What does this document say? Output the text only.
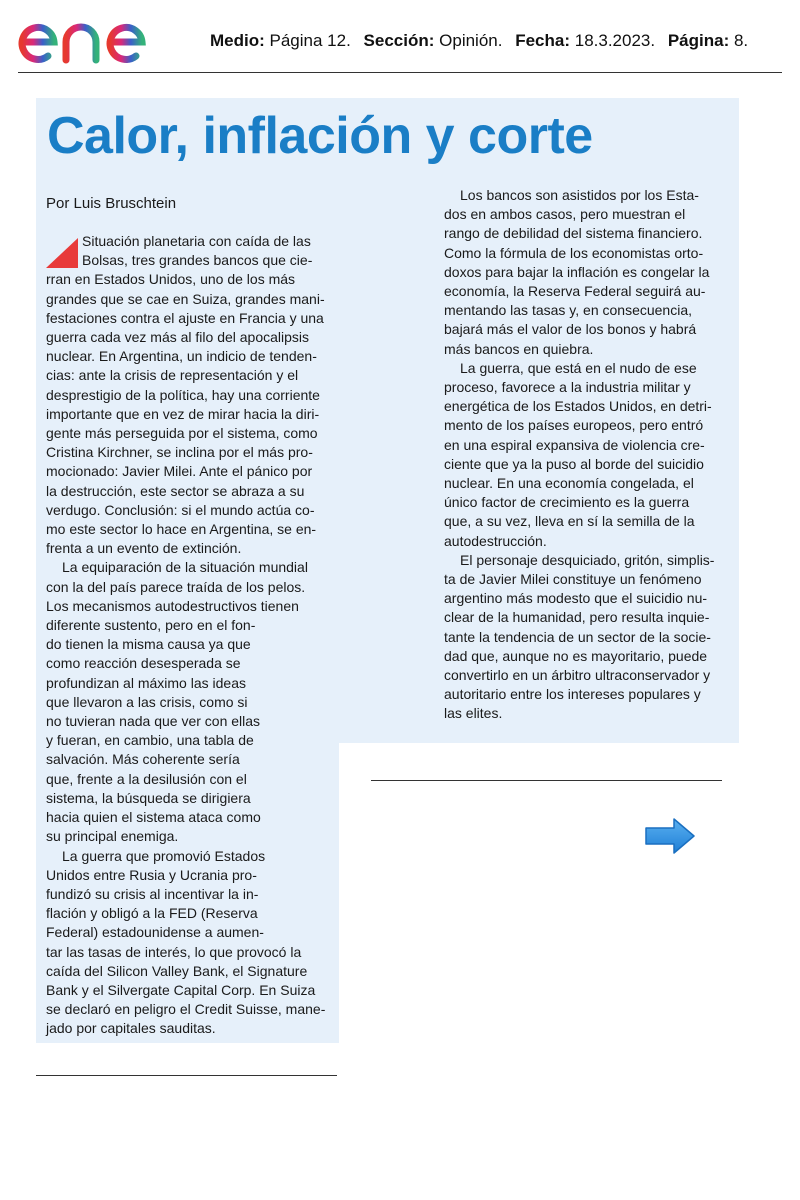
Medio: Página 12. Sección: Opinión. Fecha: 18.3.2023. Página: 8.
Calor, inflación y corte
Por Luis Bruschtein
Situación planetaria con caída de las
Bolsas, tres grandes bancos que cie-
rran en Estados Unidos, uno de los más
grandes que se cae en Suiza, grandes mani-
festaciones contra el ajuste en Francia y una
guerra cada vez más al filo del apocalipsis
nuclear. En Argentina, un indicio de tenden-
cias: ante la crisis de representación y el
desprestigio de la política, hay una corriente
importante que en vez de mirar hacia la diri-
gente más perseguida por el sistema, como
Cristina Kirchner, se inclina por el más pro-
mocionado: Javier Milei. Ante el pánico por
la destrucción, este sector se abraza a su
verdugo. Conclusión: si el mundo actúa co-
mo este sector lo hace en Argentina, se en-
frenta a un evento de extinción.
La equiparación de la situación mundial
con la del país parece traída de los pelos.
Los mecanismos autodestructivos tienen
diferente sustento, pero en el fon-
do tienen la misma causa ya que
como reacción desesperada se
profundizan al máximo las ideas
que llevaron a las crisis, como si
no tuvieran nada que ver con ellas
y fueran, en cambio, una tabla de
salvación. Más coherente sería
que, frente a la desilusión con el
sistema, la búsqueda se dirigiera
hacia quien el sistema ataca como
su principal enemiga.
La guerra que promovió Estados
Unidos entre Rusia y Ucrania pro-
fundizó su crisis al incentivar la in-
flación y obligó a la FED (Reserva
Federal) estadounidense a aumen-
tar las tasas de interés, lo que provocó la
caída del Silicon Valley Bank, el Signature
Bank y el Silvergate Capital Corp. En Suiza
se declaró en peligro el Credit Suisse, mane-
jado por capitales sauditas.
Los bancos son asistidos por los Esta-
dos en ambos casos, pero muestran el
rango de debilidad del sistema financiero.
Como la fórmula de los economistas orto-
doxos para bajar la inflación es congelar la
economía, la Reserva Federal seguirá au-
mentando las tasas y, en consecuencia,
bajará más el valor de los bonos y habrá
más bancos en quiebra.
La guerra, que está en el nudo de ese
proceso, favorece a la industria militar y
energética de los Estados Unidos, en detri-
mento de los países europeos, pero entró
en una espiral expansiva de violencia cre-
ciente que ya la puso al borde del suicidio
nuclear. En una economía congelada, el
único factor de crecimiento es la guerra
que, a su vez, lleva en sí la semilla de la
autodestrucción.
El personaje desquiciado, gritón, simplis-
ta de Javier Milei constituye un fenómeno
argentino más modesto que el suicidio nu-
clear de la humanidad, pero resulta inquie-
tante la tendencia de un sector de la socie-
dad que, aunque no es mayoritario, puede
convertirlo en un árbitro ultraconservador y
autoritario entre los intereses populares y
las elites.
